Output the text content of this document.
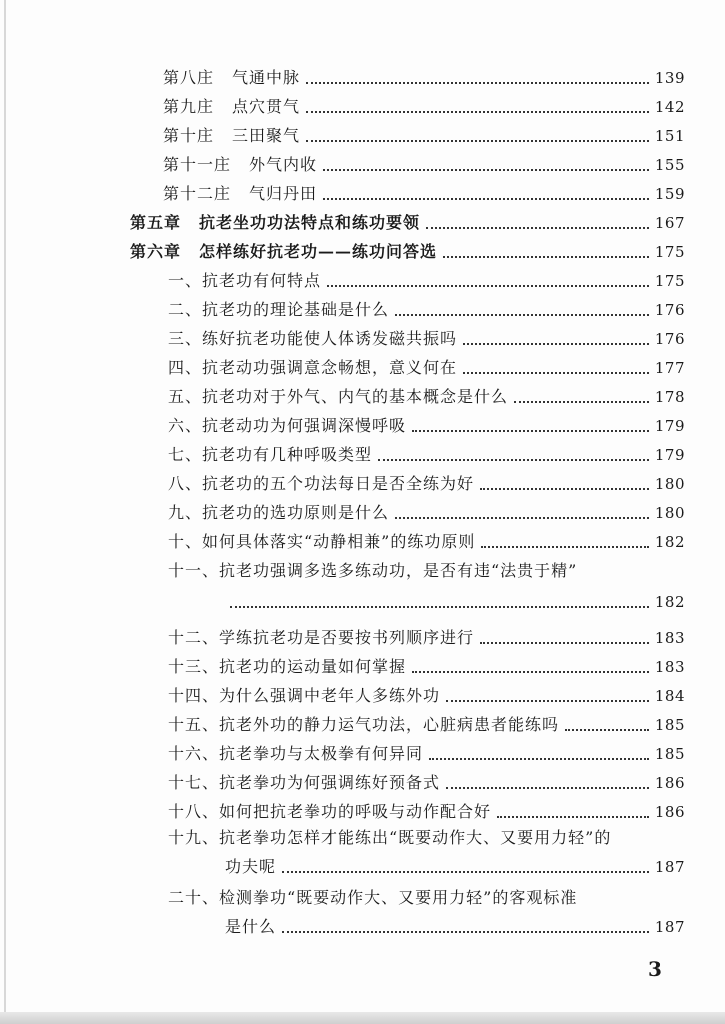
第八庄 气通中脉	139
第九庄 点穴贯气	142
第十庄 三田聚气	151
第十一庄 外气内收	155
第十二庄 气归丹田	159
第五章 抗老坐功功法特点和练功要领	167
第六章 怎样练好抗老功——练功问答选	175
一、抗老功有何特点	175
二、抗老功的理论基础是什么	176
三、练好抗老功能使人体诱发磁共振吗	176
四、抗老动功强调意念畅想，意义何在	177
五、抗老功对于外气、内气的基本概念是什么	178
六、抗老动功为何强调深慢呼吸	179
七、抗老功有几种呼吸类型	179
八、抗老功的五个功法每日是否全练为好	180
九、抗老功的选功原则是什么	180
十、如何具体落实“动静相兼”的练功原则	182
十一、抗老功强调多选多练动功，是否有违“法贵于精”
182
十二、学练抗老功是否要按书列顺序进行	183
十三、抗老功的运动量如何掌握	183
十四、为什么强调中老年人多练外功	184
十五、抗老外功的静力运气功法，心脏病患者能练吗	185
十六、抗老拳功与太极拳有何异同	185
十七、抗老拳功为何强调练好预备式	186
十八、如何把抗老拳功的呼吸与动作配合好	186
十九、抗老拳功怎样才能练出“既要动作大、又要用力轻”的
功夫呢	187
二十、检测拳功“既要动作大、又要用力轻”的客观标准
是什么	187
3
